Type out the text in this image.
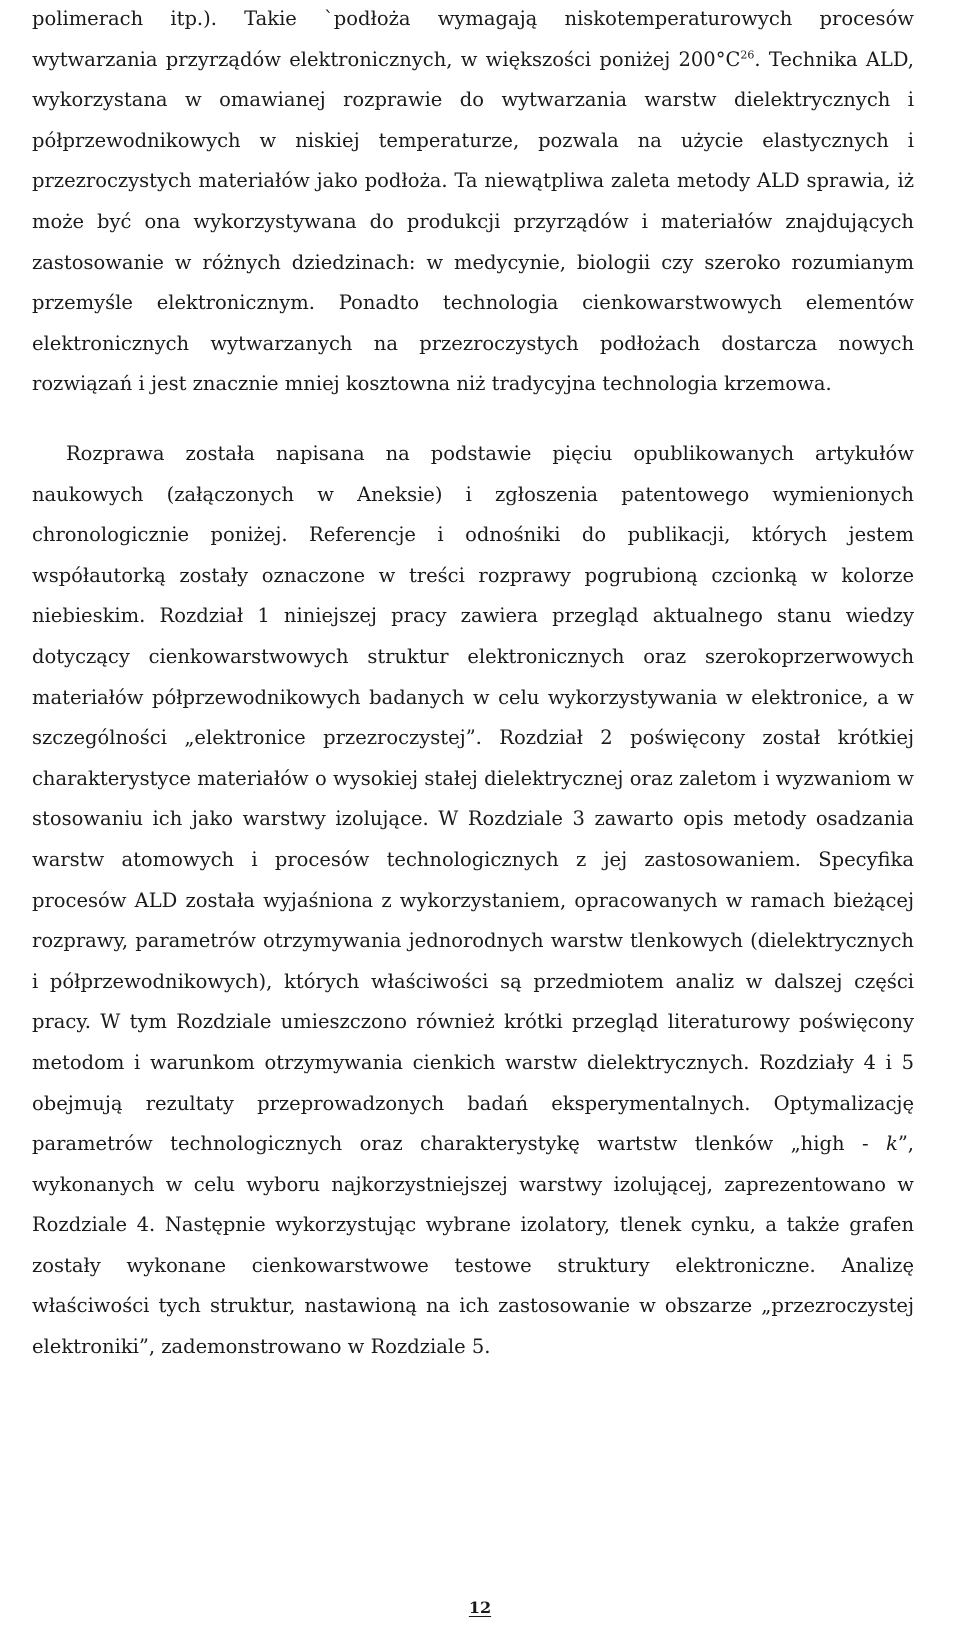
polimerach itp.). Takie `podłoża wymagają niskotemperaturowych procesów wytwarzania przyrządów elektronicznych, w większości poniżej $200^\circ C^{26}$. Technika ALD, wykorzystana w omawianej rozprawie do wytwarzania warstw dielektrycznych i półprzewodnikowych w niskiej temperaturze, pozwala na użycie elastycznych i przezroczystych materiałów jako podłoża. Ta niewątpliwa zaleta metody ALD sprawia, iż może być ona wykorzystywana do produkcji przyrządów i materiałów znajdujących zastosowanie w różnych dziedzinach: w medycynie, biologii czy szeroko rozumianym przemyśle elektronicznym. Ponadto technologia cienkowarstwowych elementów elektronicznych wytwarzanych na przezroczystych podłożach dostarcza nowych rozwiązań i jest znacznie mniej kosztowna niż tradycyjna technologia krzemowa.

Rozprawa została napisana na podstawie pięciu opublikowanych artykułów naukowych (załączonych w Aneksie) i zgłoszenia patentowego wymienionych chronologicznie poniżej. Referencje i odnośniki do publikacji, których jestem współautorką zostały oznaczone w treści rozprawy pogrubioną czcionką w kolorze niebieskim. Rozdział 1 niniejszej pracy zawiera przegląd aktualnego stanu wiedzy dotyczący cienkowarstwowych struktur elektronicznych oraz szerokoprzerwowych materiałów półprzewodnikowych badanych w celu wykorzystywania w elektronice, a w szczególności „elektronice przezroczystej”. Rozdział 2 poświęcony został krótkiej charakterystyce materiałów o wysokiej stałej dielektrycznej oraz zaletom i wyzwaniom w stosowaniu ich jako warstwy izolujące. W Rozdziale 3 zawarto opis metody osadzania warstw atomowych i procesów technologicznych z jej zastosowaniem. Specyfika procesów ALD została wyjaśniona z wykorzystaniem, opracowanych w ramach bieżącej rozprawy, parametrów otrzymywania jednorodnych warstw tlenkowych (dielektrycznych i półprzewodnikowych), których właściwości są przedmiotem analiz w dalszej części pracy. W tym Rozdziale umieszczono również krótki przegląd literaturowy poświęcony metodom i warunkom otrzymywania cienkich warstw dielektrycznych. Rozdziały 4 i 5 obejmują rezultaty przeprowadzonych badań eksperymentalnych. Optymalizację parametrów technologicznych oraz charakterystykę wartstw tlenków „high - k”, wykonanych w celu wyboru najkorzystniejszej warstwy izolującej, zaprezentowano w Rozdziale 4. Następnie wykorzystując wybrane izolatory, tlenek cynku, a także grafen zostały wykonane cienkowarstwowe testowe struktury elektroniczne. Analizę właściwości tych struktur, nastawioną na ich zastosowanie w obszarze „przezroczystej elektroniki”, zademonstrowano w Rozdziale 5.

12
